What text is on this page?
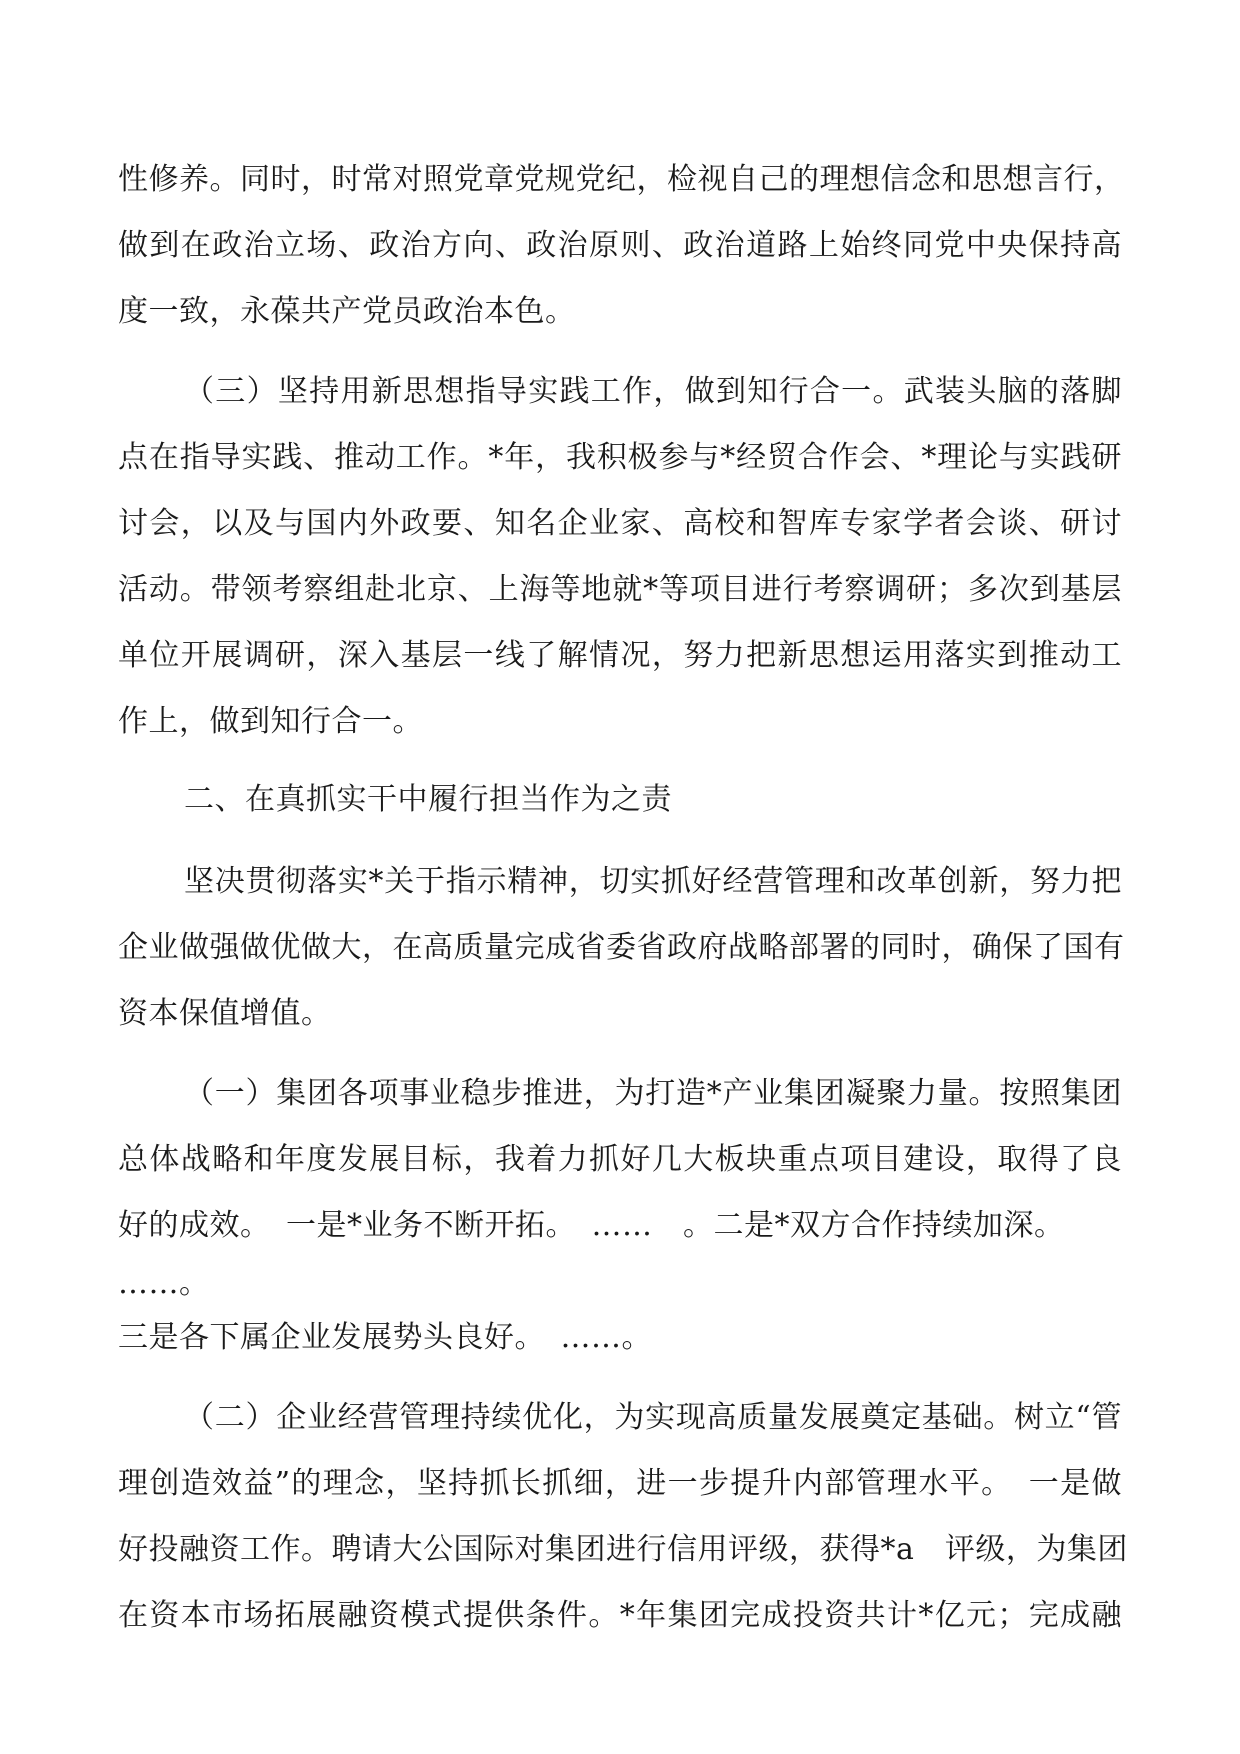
性修养。同时，时常对照党章党规党纪，检视自己的理想信念和思想言行，
做到在政治立场、政治方向、政治原则、政治道路上始终同党中央保持高
度一致，永葆共产党员政治本色。
（三）坚持用新思想指导实践工作，做到知行合一。武装头脑的落脚
点在指导实践、推动工作。*年，我积极参与*经贸合作会、*理论与实践研
讨会，以及与国内外政要、知名企业家、高校和智库专家学者会谈、研讨
活动。带领考察组赴北京、上海等地就*等项目进行考察调研；多次到基层
单位开展调研，深入基层一线了解情况，努力把新思想运用落实到推动工
作上，做到知行合一。
二、在真抓实干中履行担当作为之责
坚决贯彻落实*关于指示精神，切实抓好经营管理和改革创新，努力把
企业做强做优做大，在高质量完成省委省政府战略部署的同时，确保了国有
资本保值增值。
（一）集团各项事业稳步推进，为打造*产业集团凝聚力量。按照集团
总体战略和年度发展目标，我着力抓好几大板块重点项目建设，取得了良
好的成效。　一是*业务不断开拓。　……　。二是*双方合作持续加深。
……。
三是各下属企业发展势头良好。　……。
（二）企业经营管理持续优化，为实现高质量发展奠定基础。树立“管
理创造效益”的理念，坚持抓长抓细，进一步提升内部管理水平。　一是做
好投融资工作。聘请大公国际对集团进行信用评级，获得*a　评级，为集团
在资本市场拓展融资模式提供条件。*年集团完成投资共计*亿元；完成融
